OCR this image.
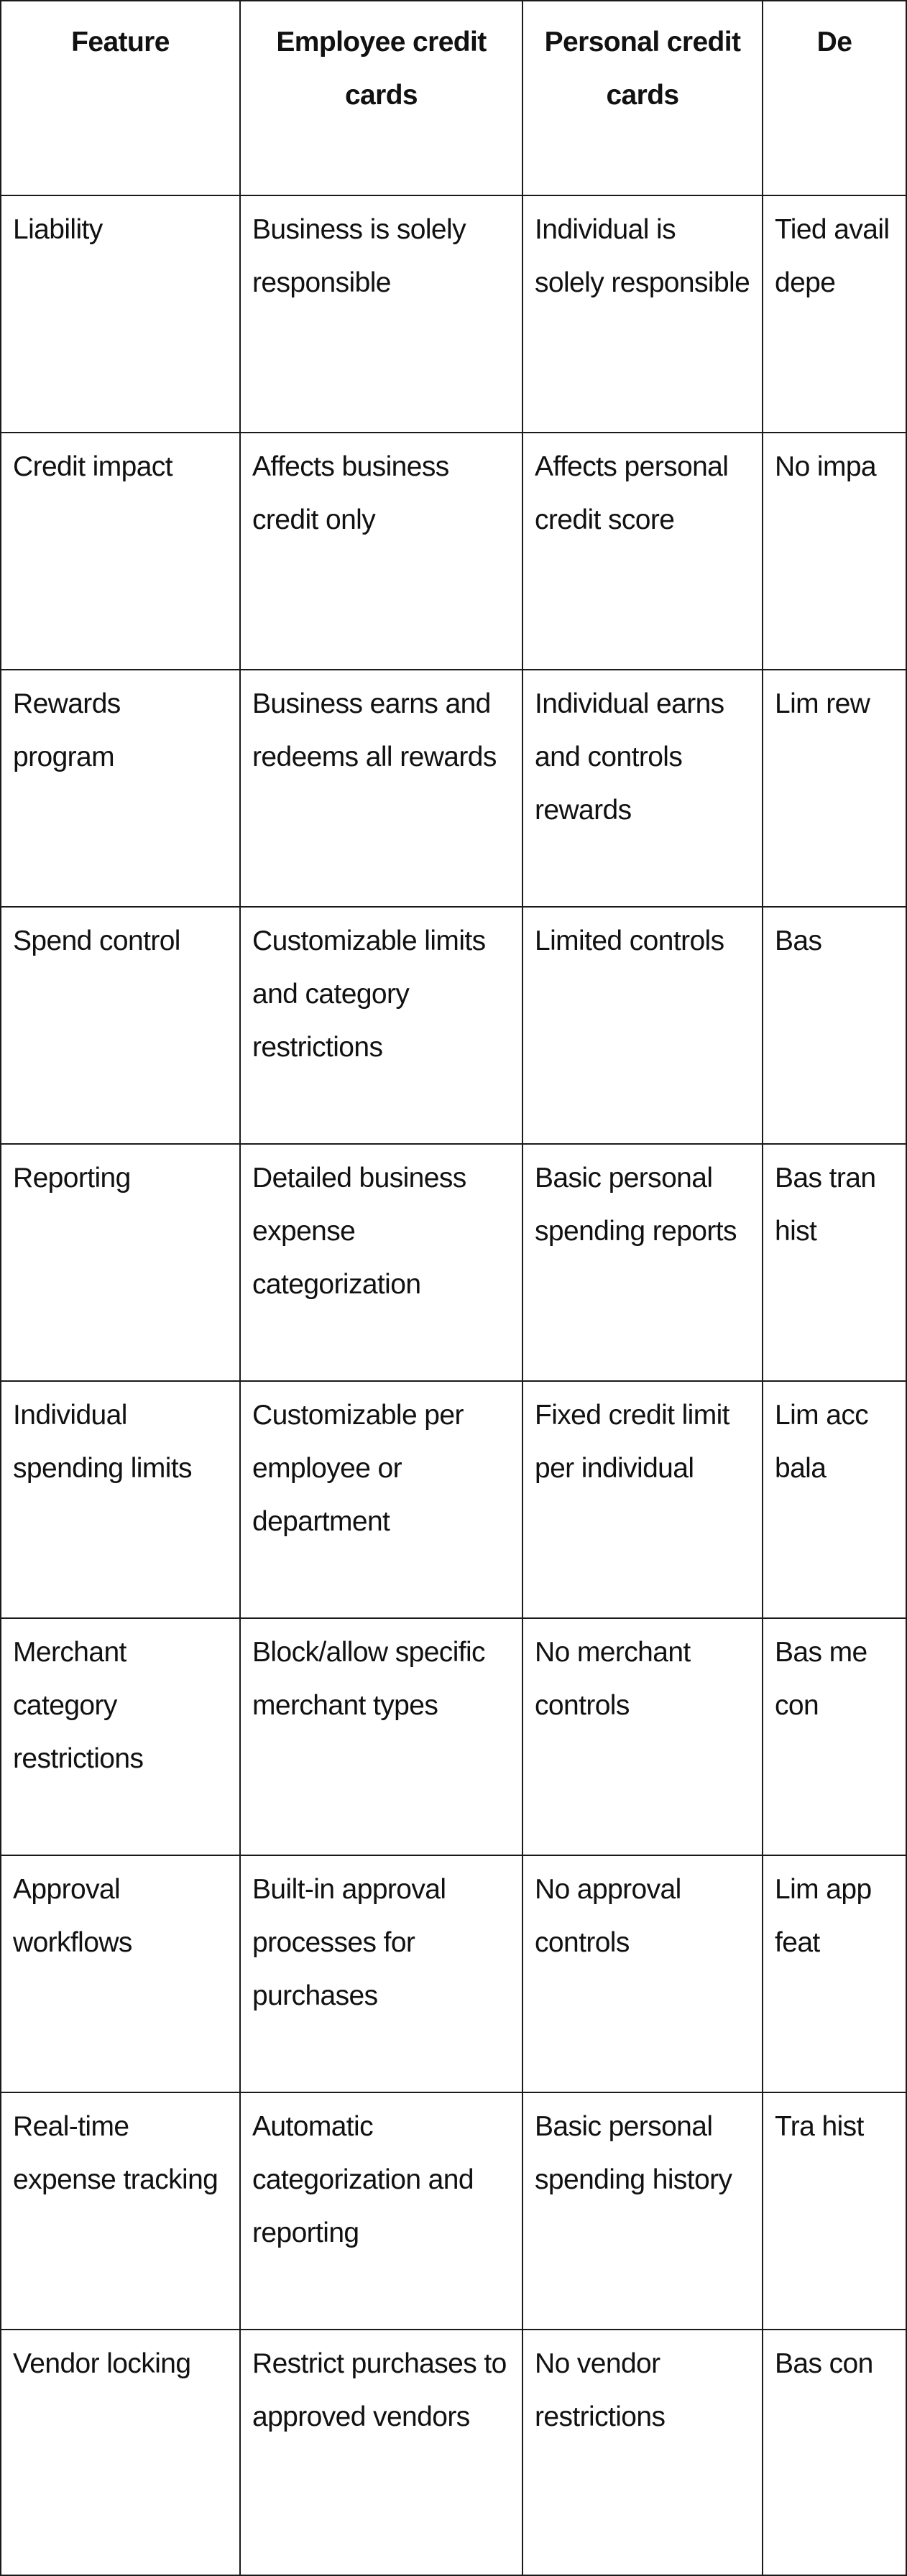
Feature	Employee credit cards	Personal credit cards	De

Liability	Business is solely responsible	Individual is solely responsible	Tied avail depe

Credit impact	Affects business credit only	Affects personal credit score	No impa

Rewards program	Business earns and redeems all rewards	Individual earns and controls rewards	Lim rew

Spend control	Customizable limits and category restrictions	Limited controls	Bas

Reporting	Detailed business expense categorization	Basic personal spending reports	Bas tran hist

Individual spending limits	Customizable per employee or department	Fixed credit limit per individual	Lim acc bala

Merchant category restrictions	Block/allow specific merchant types	No merchant controls	Bas me con

Approval workflows	Built-in approval processes for purchases	No approval controls	Lim app feat

Real-time expense tracking	Automatic categorization and reporting	Basic personal spending history	Tra hist

Vendor locking	Restrict purchases to approved vendors	No vendor restrictions	Bas con
